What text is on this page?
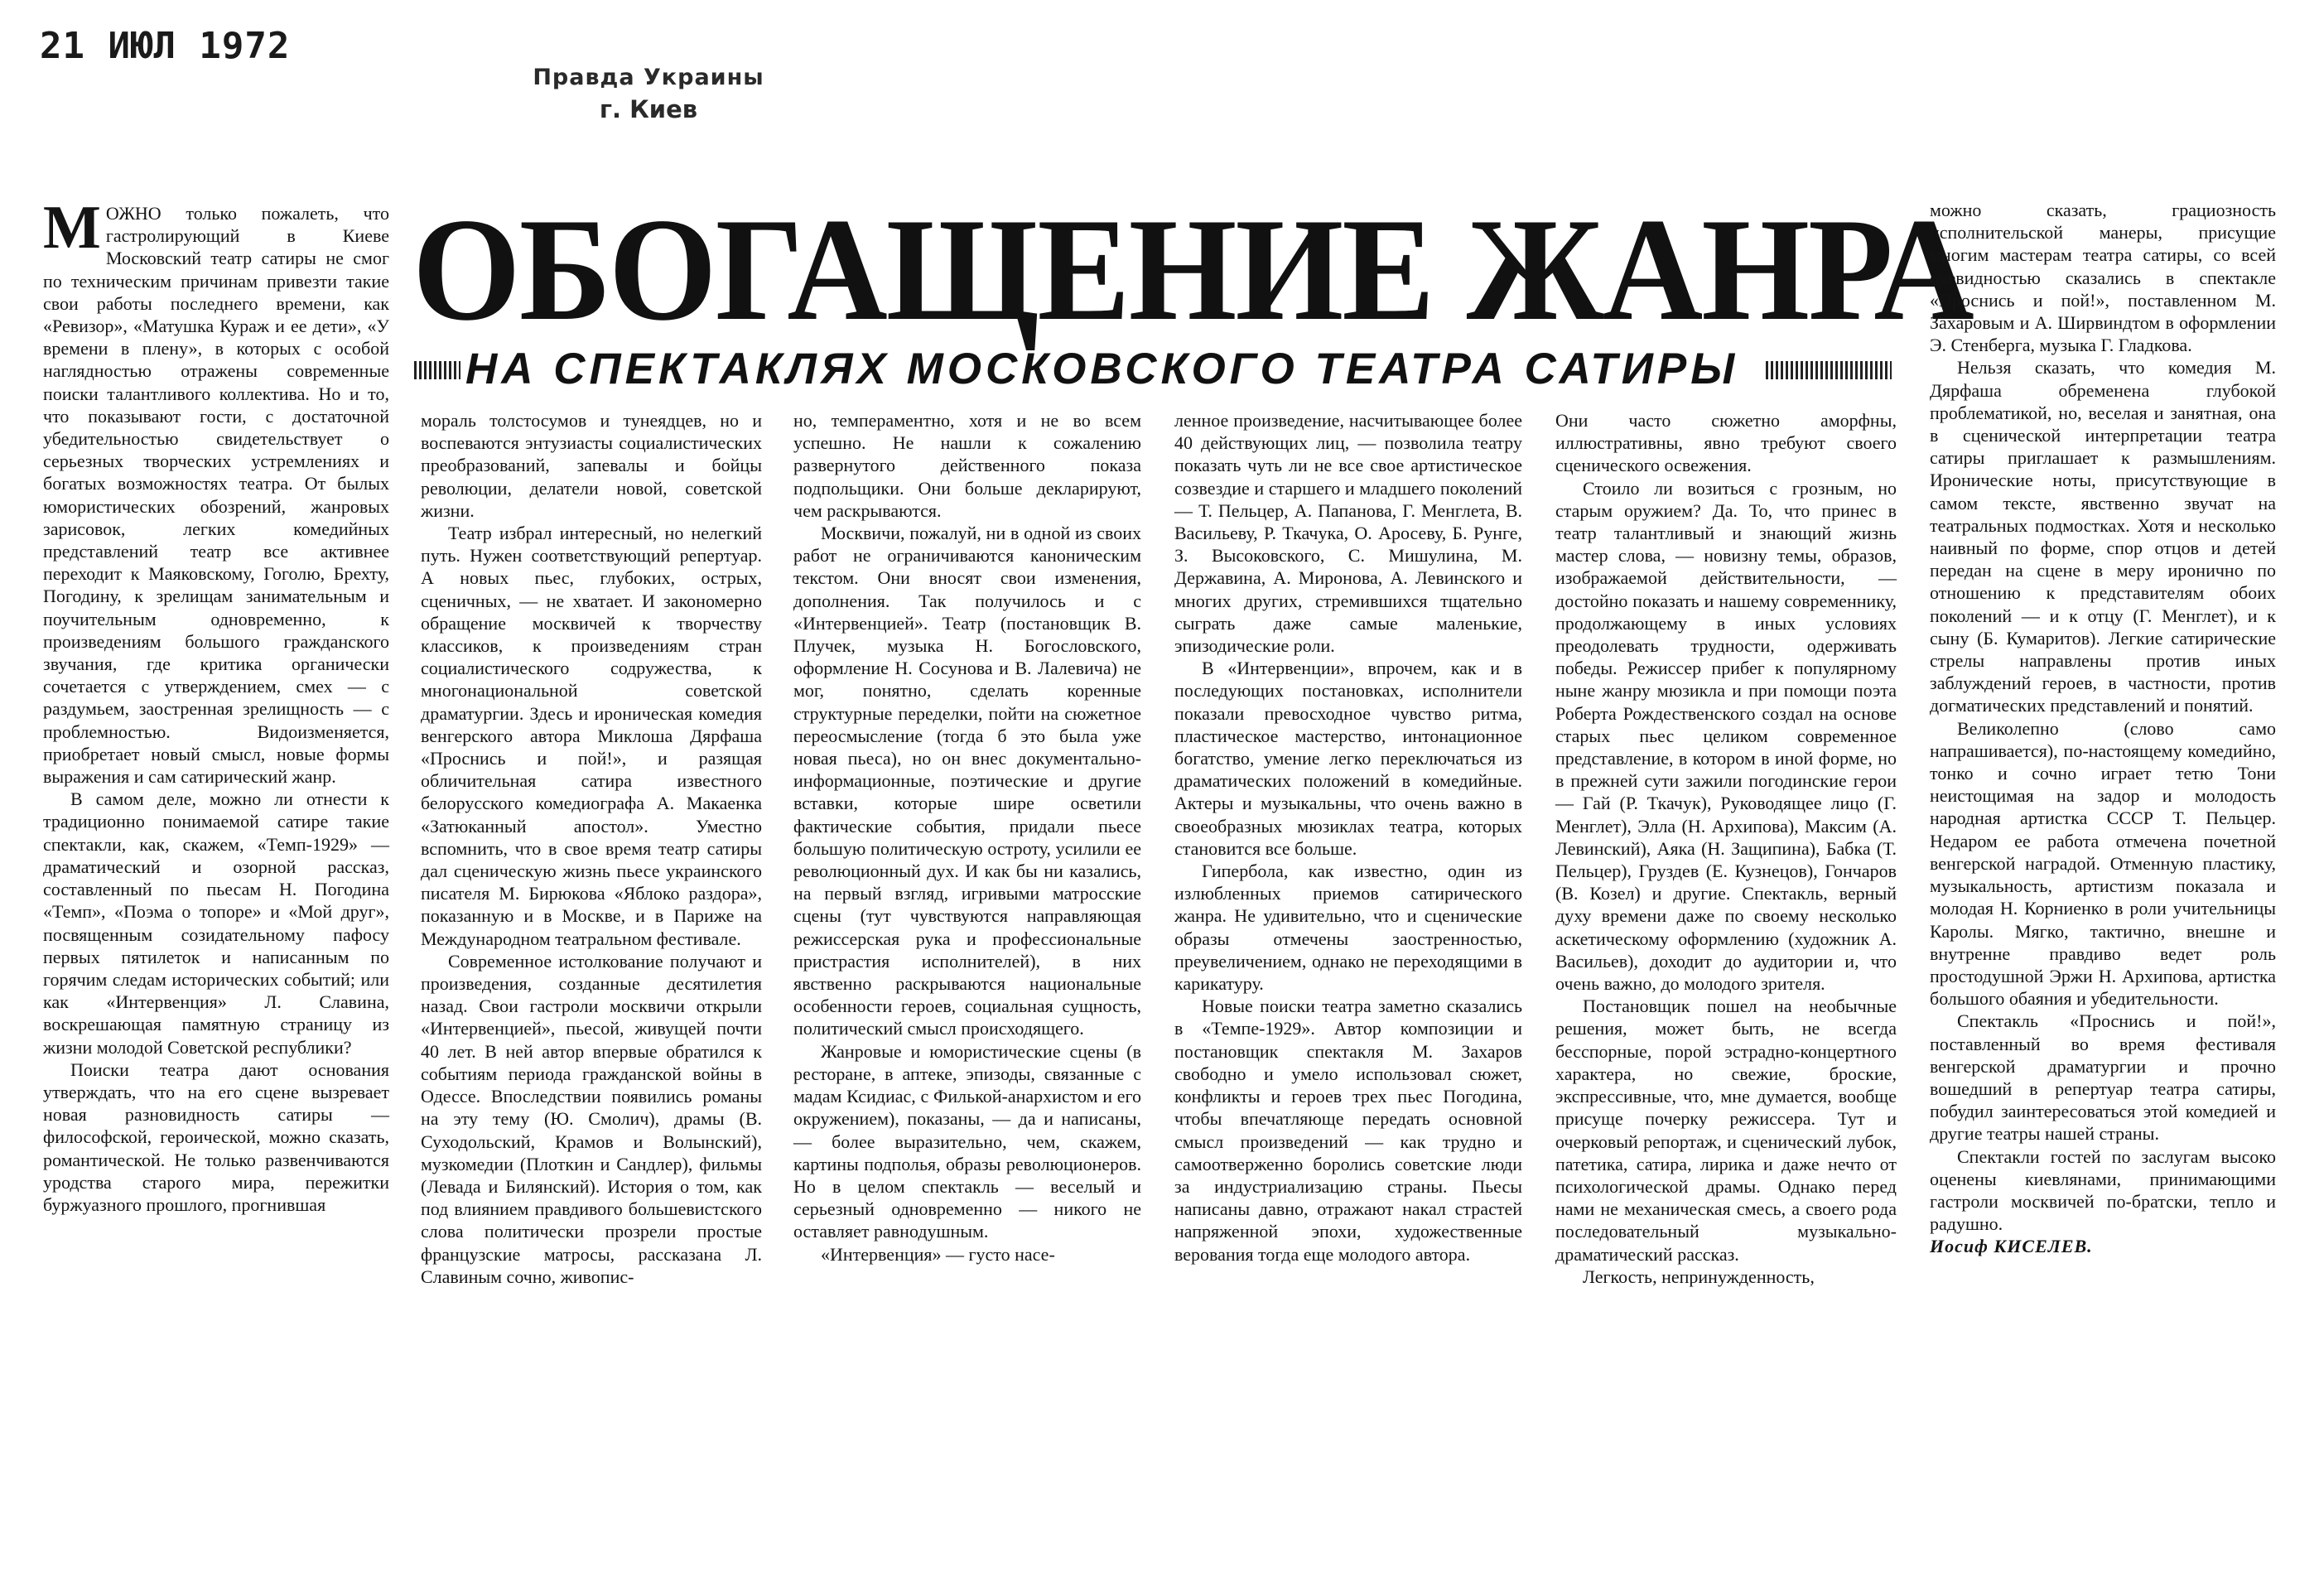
21 ИЮЛ 1972
Правда Украины
г. Киев
ОБОГАЩЕНИЕ ЖАНРА
НА СПЕКТАКЛЯХ МОСКОВСКОГО ТЕАТРА САТИРЫ

МОЖНО только пожалеть, что гастролирующий в Киеве Московский театр сатиры не смог по техническим причинам привезти такие свои работы последнего времени, как «Ревизор», «Матушка Кураж и ее дети», «У времени в плену», в которых с особой наглядностью отражены современные поиски талантливого коллектива. Но и то, что показывают гости, с достаточной убедительностью свидетельствует о серьезных творческих устремлениях и богатых возможностях театра. От былых юмористических обозрений, жанровых зарисовок, легких комедийных представлений театр все активнее переходит к Маяковскому, Гоголю, Брехту, Погодину, к зрелищам занимательным и поучительным одновременно, к произведениям большого гражданского звучания, где критика органически сочетается с утверждением, смех — с раздумьем, заостренная зрелищность — с проблемностью. Видоизменяется, приобретает новый смысл, новые формы выражения и сам сатирический жанр.

В самом деле, можно ли отнести к традиционно понимаемой сатире такие спектакли, как, скажем, «Темп-1929» — драматический и озорной рассказ, составленный по пьесам Н. Погодина «Темп», «Поэма о топоре» и «Мой друг», посвященным созидательному пафосу первых пятилеток и написанным по горячим следам исторических событий; или как «Интервенция» Л. Славина, воскрешающая памятную страницу из жизни молодой Советской республики?

Поиски театра дают основания утверждать, что на его сцене вызревает новая разновидность сатиры — философской, героической, можно сказать, романтической. Не только развенчиваются уродства старого мира, пережитки буржуазного прошлого, прогнившая

мораль толстосумов и тунеядцев, но и воспеваются энтузиасты социалистических преобразований, запевалы и бойцы революции, делатели новой, советской жизни.

Театр избрал интересный, но нелегкий путь. Нужен соответствующий репертуар. А новых пьес, глубоких, острых, сценичных, — не хватает. И закономерно обращение москвичей к творчеству классиков, к произведениям стран социалистического содружества, к многонациональной советской драматургии. Здесь и ироническая комедия венгерского автора Миклоша Дярфаша «Проснись и пой!», и разящая обличительная сатира известного белорусского комедиографа А. Макаенка «Затюканный апостол». Уместно вспомнить, что в свое время театр сатиры дал сценическую жизнь пьесе украинского писателя М. Бирюкова «Яблоко раздора», показанную и в Москве, и в Париже на Международном театральном фестивале.

Современное истолкование получают и произведения, созданные десятилетия назад. Свои гастроли москвичи открыли «Интервенцией», пьесой, живущей почти 40 лет. В ней автор впервые обратился к событиям периода гражданской войны в Одессе. Впоследствии появились романы на эту тему (Ю. Смолич), драмы (В. Суходольский, Крамов и Волынский), музкомедии (Плоткин и Сандлер), фильмы (Левада и Билянский). История о том, как под влиянием правдивого большевистского слова политически прозрели простые французские матросы, рассказана Л. Славиным сочно, живопис-

но, темпераментно, хотя и не во всем успешно. Не нашли к сожалению развернутого действенного показа подпольщики. Они больше декларируют, чем раскрываются.

Москвичи, пожалуй, ни в одной из своих работ не ограничиваются каноническим текстом. Они вносят свои изменения, дополнения. Так получилось и с «Интервенцией». Театр (постановщик В. Плучек, музыка Н. Богословского, оформление Н. Сосунова и В. Лалевича) не мог, понятно, сделать коренные структурные переделки, пойти на сюжетное переосмысление (тогда б это была уже новая пьеса), но он внес документально-информационные, поэтические и другие вставки, которые шире осветили фактические события, придали пьесе большую политическую остроту, усилили ее революционный дух. И как бы ни казались, на первый взгляд, игривыми матросские сцены (тут чувствуются направляющая режиссерская рука и профессиональные пристрастия исполнителей), в них явственно раскрываются национальные особенности героев, социальная сущность, политический смысл происходящего.

Жанровые и юмористические сцены (в ресторане, в аптеке, эпизоды, связанные с мадам Ксидиас, с Филькой-анархистом и его окружением), показаны, — да и написаны, — более выразительно, чем, скажем, картины подполья, образы революционеров. Но в целом спектакль — веселый и серьезный одновременно — никого не оставляет равнодушным.

«Интервенция» — густо насе-

ленное произведение, насчитывающее более 40 действующих лиц, — позволила театру показать чуть ли не все свое артистическое созвездие и старшего и младшего поколений — Т. Пельцер, А. Папанова, Г. Менглета, В. Васильеву, Р. Ткачука, О. Аросеву, Б. Рунге, З. Высоковского, С. Мишулина, М. Державина, А. Миронова, А. Левинского и многих других, стремившихся тщательно сыграть даже самые маленькие, эпизодические роли.

В «Интервенции», впрочем, как и в последующих постановках, исполнители показали превосходное чувство ритма, пластическое мастерство, интонационное богатство, умение легко переключаться из драматических положений в комедийные. Актеры и музыкальны, что очень важно в своеобразных мюзиклах театра, которых становится все больше.

Гипербола, как известно, один из излюбленных приемов сатирического жанра. Не удивительно, что и сценические образы отмечены заостренностью, преувеличением, однако не переходящими в карикатуру.

Новые поиски театра заметно сказались в «Темпе-1929». Автор композиции и постановщик спектакля М. Захаров свободно и умело использовал сюжет, конфликты и героев трех пьес Погодина, чтобы впечатляюще передать основной смысл произведений — как трудно и самоотверженно боролись советские люди за индустриализацию страны. Пьесы написаны давно, отражают накал страстей напряженной эпохи, художественные верования тогда еще молодого автора.

Они часто сюжетно аморфны, иллюстративны, явно требуют своего сценического освежения.

Стоило ли возиться с грозным, но старым оружием? Да. То, что принес в театр талантливый и знающий жизнь мастер слова, — новизну темы, образов, изображаемой действительности, — достойно показать и нашему современнику, продолжающему в иных условиях преодолевать трудности, одерживать победы. Режиссер прибег к популярному ныне жанру мюзикла и при помощи поэта Роберта Рождественского создал на основе старых пьес целиком современное представление, в котором в иной форме, но в прежней сути зажили погодинские герои — Гай (Р. Ткачук), Руководящее лицо (Г. Менглет), Элла (Н. Архипова), Максим (А. Левинский), Аяка (Н. Защипина), Бабка (Т. Пельцер), Груздев (Е. Кузнецов), Гончаров (В. Козел) и другие. Спектакль, верный духу времени даже по своему несколько аскетическому оформлению (художник А. Васильев), доходит до аудитории и, что очень важно, до молодого зрителя.

Постановщик пошел на необычные решения, может быть, не всегда бесспорные, порой эстрадно-концертного характера, но свежие, броские, экспрессивные, что, мне думается, вообще присуще почерку режиссера. Тут и очерковый репортаж, и сценический лубок, патетика, сатира, лирика и даже нечто от психологической драмы. Однако перед нами не механическая смесь, а своего рода последовательный музыкально-драматический рассказ.

Легкость, непринужденность,

можно сказать, грациозность исполнительской манеры, присущие многим мастерам театра сатиры, со всей очевидностью сказались в спектакле «Проснись и пой!», поставленном М. Захаровым и А. Ширвиндтом в оформлении Э. Стенберга, музыка Г. Гладкова.

Нельзя сказать, что комедия М. Дярфаша обременена глубокой проблематикой, но, веселая и занятная, она в сценической интерпретации театра сатиры приглашает к размышлениям. Иронические ноты, присутствующие в самом тексте, явственно звучат на театральных подмостках. Хотя и несколько наивный по форме, спор отцов и детей передан на сцене в меру иронично по отношению к представителям обоих поколений — и к отцу (Г. Менглет), и к сыну (Б. Кумаритов). Легкие сатирические стрелы направлены против иных заблуждений героев, в частности, против догматических представлений и понятий.

Великолепно (слово само напрашивается), по-настоящему комедийно, тонко и сочно играет тетю Тони неистощимая на задор и молодость народная артистка СССР Т. Пельцер. Недаром ее работа отмечена почетной венгерской наградой. Отменную пластику, музыкальность, артистизм показала и молодая Н. Корниенко в роли учительницы Каролы. Мягко, тактично, внешне и внутренне правдиво ведет роль простодушной Эржи Н. Архипова, артистка большого обаяния и убедительности.

Спектакль «Проснись и пой!», поставленный во время фестиваля венгерской драматургии и прочно вошедший в репертуар театра сатиры, побудил заинтересоваться этой комедией и другие театры нашей страны.

Спектакли гостей по заслугам высоко оценены киевлянами, принимающими гастроли москвичей по-братски, тепло и радушно.

Иосиф КИСЕЛЕВ.
